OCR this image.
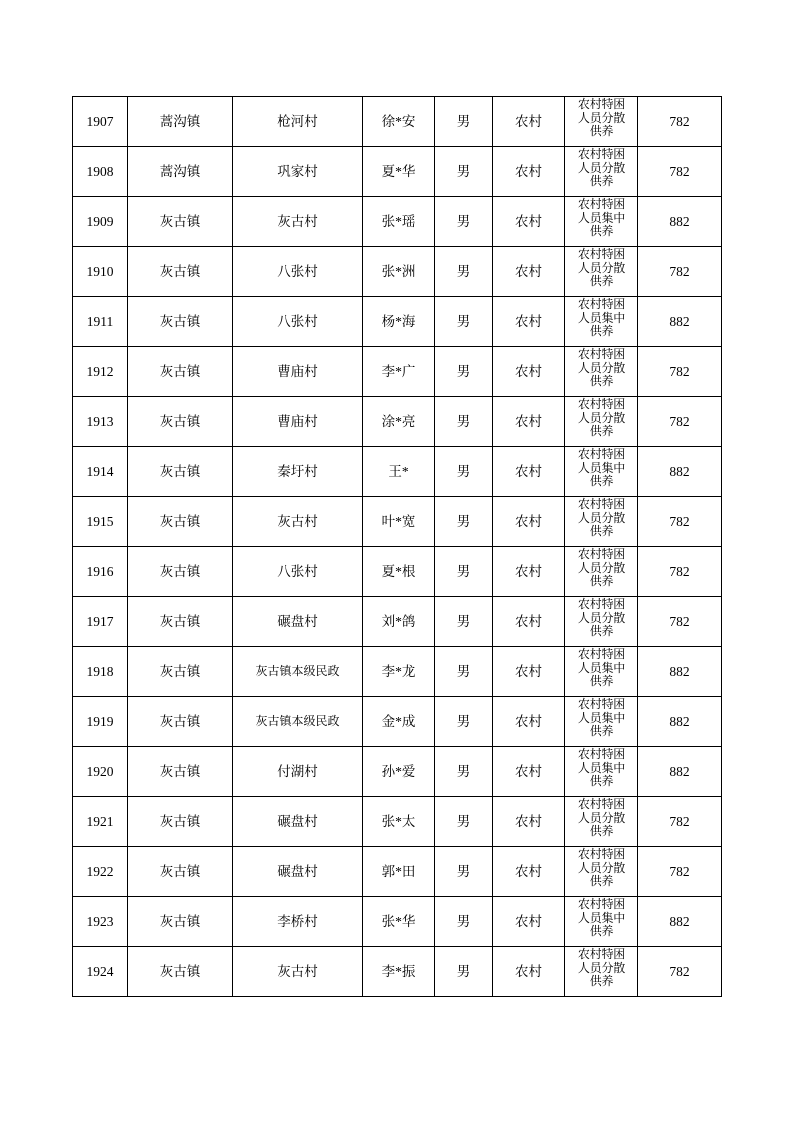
1907	蒿沟镇	枪河村	徐*安	男	农村	农村特困
人员分散
供养	782
1908	蒿沟镇	巩家村	夏*华	男	农村	农村特困
人员分散
供养	782
1909	灰古镇	灰古村	张*瑶	男	农村	农村特困
人员集中
供养	882
1910	灰古镇	八张村	张*洲	男	农村	农村特困
人员分散
供养	782
1911	灰古镇	八张村	杨*海	男	农村	农村特困
人员集中
供养	882
1912	灰古镇	曹庙村	李*广	男	农村	农村特困
人员分散
供养	782
1913	灰古镇	曹庙村	涂*亮	男	农村	农村特困
人员分散
供养	782
1914	灰古镇	秦圩村	王*	男	农村	农村特困
人员集中
供养	882
1915	灰古镇	灰古村	叶*宽	男	农村	农村特困
人员分散
供养	782
1916	灰古镇	八张村	夏*根	男	农村	农村特困
人员分散
供养	782
1917	灰古镇	碾盘村	刘*鸽	男	农村	农村特困
人员分散
供养	782
1918	灰古镇	灰古镇本级民政	李*龙	男	农村	农村特困
人员集中
供养	882
1919	灰古镇	灰古镇本级民政	金*成	男	农村	农村特困
人员集中
供养	882
1920	灰古镇	付湖村	孙*爱	男	农村	农村特困
人员集中
供养	882
1921	灰古镇	碾盘村	张*太	男	农村	农村特困
人员分散
供养	782
1922	灰古镇	碾盘村	郭*田	男	农村	农村特困
人员分散
供养	782
1923	灰古镇	李桥村	张*华	男	农村	农村特困
人员集中
供养	882
1924	灰古镇	灰古村	李*振	男	农村	农村特困
人员分散
供养	782
